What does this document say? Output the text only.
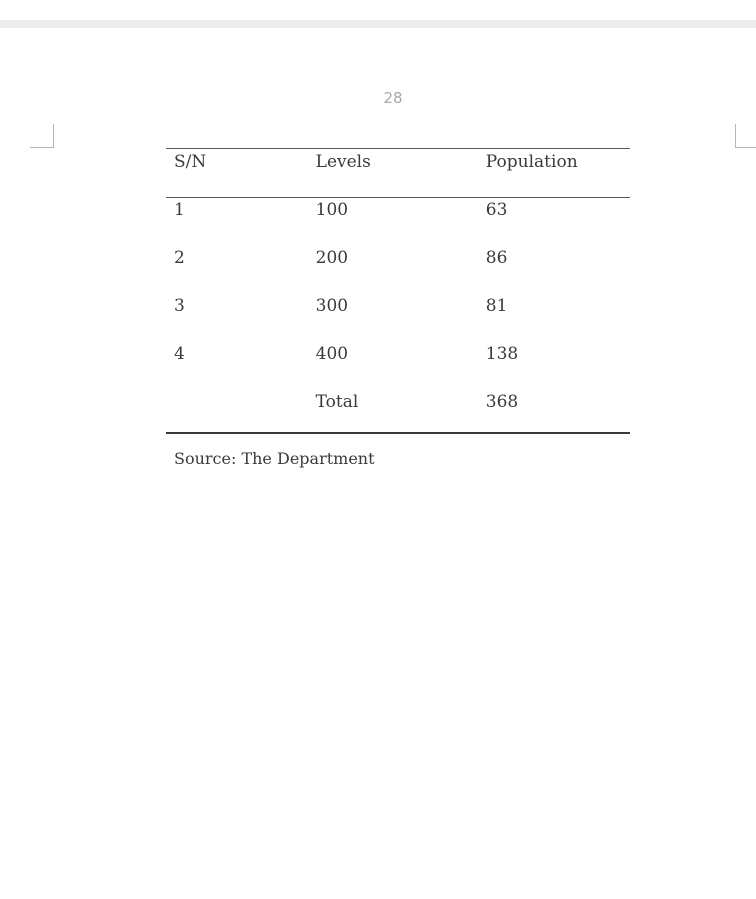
28
S/N	Levels	Population
1	100	63
2	200	86
3	300	81
4	400	138
	Total	368
Source: The Department
